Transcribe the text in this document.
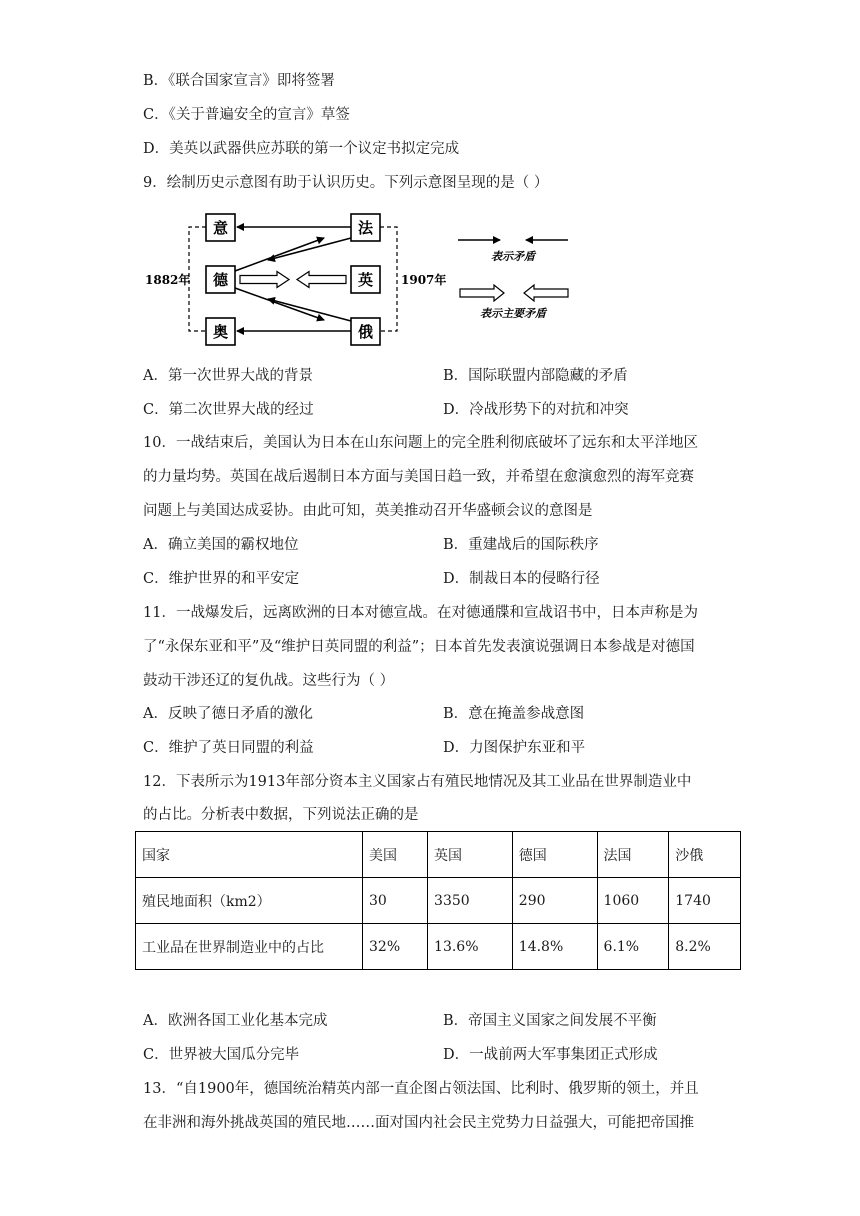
B．《联合国家宣言》即将签署
C．《关于普遍安全的宣言》草签
D．美英以武器供应苏联的第一个议定书拟定完成
9．绘制历史示意图有助于认识历史。下列示意图呈现的是（ ）
意
德
奥
法
英
俄
1882年	1907年
表示矛盾
表示主要矛盾
A．第一次世界大战的背景	B．国际联盟内部隐藏的矛盾
C．第二次世界大战的经过	D．冷战形势下的对抗和冲突
10．一战结束后，美国认为日本在山东问题上的完全胜利彻底破坏了远东和太平洋地区
的力量均势。英国在战后遏制日本方面与美国日趋一致，并希望在愈演愈烈的海军竞赛
问题上与美国达成妥协。由此可知，英美推动召开华盛顿会议的意图是
A．确立美国的霸权地位	B．重建战后的国际秩序
C．维护世界的和平安定	D．制裁日本的侵略行径
11．一战爆发后，远离欧洲的日本对德宣战。在对德通牒和宣战诏书中，日本声称是为
了“永保东亚和平”及“维护日英同盟的利益”；日本首先发表演说强调日本参战是对德国
鼓动干涉还辽的复仇战。这些行为（ ）
A．反映了德日矛盾的激化	B．意在掩盖参战意图
C．维护了英日同盟的利益	D．力图保护东亚和平
12．下表所示为1913年部分资本主义国家占有殖民地情况及其工业品在世界制造业中
的占比。分析表中数据，下列说法正确的是
国家	美国	英国	德国	法国	沙俄
殖民地面积（km2）	30	3350	290	1060	1740
工业品在世界制造业中的占比	32%	13.6%	14.8%	6.1%	8.2%
A．欧洲各国工业化基本完成	B．帝国主义国家之间发展不平衡
C．世界被大国瓜分完毕	D．一战前两大军事集团正式形成
13．“自1900年，德国统治精英内部一直企图占领法国、比利时、俄罗斯的领土，并且
在非洲和海外挑战英国的殖民地……面对国内社会民主党势力日益强大，可能把帝国推
